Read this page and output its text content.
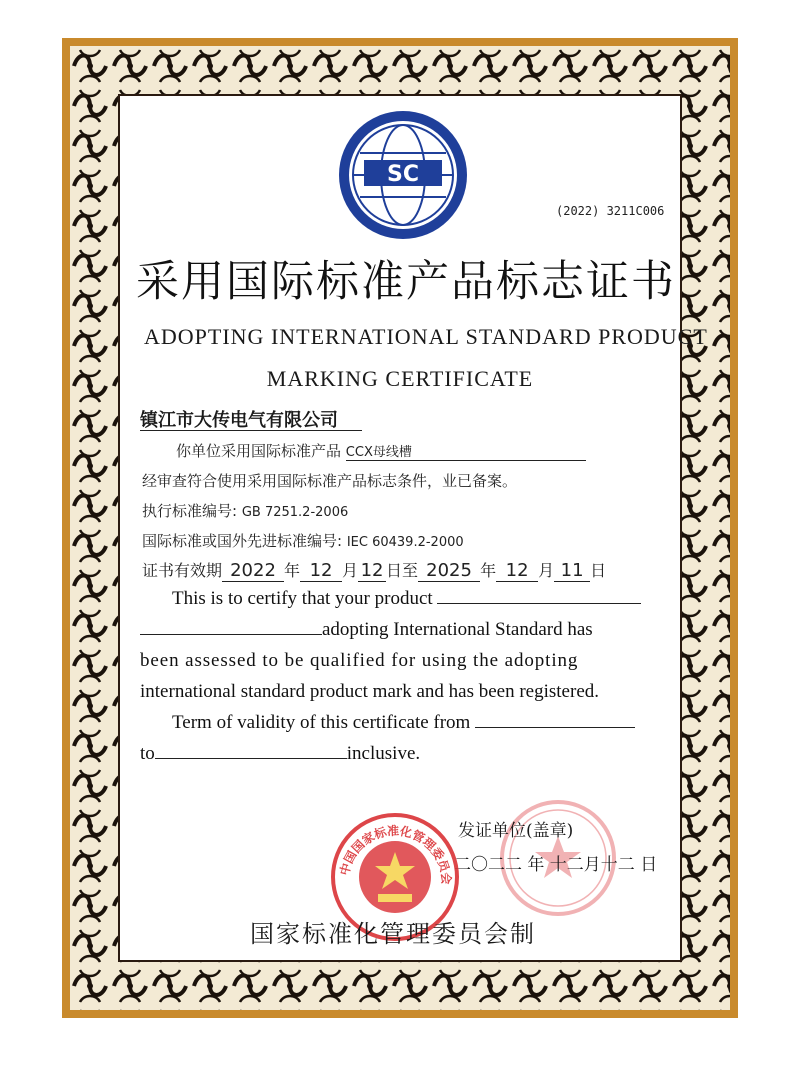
SC
(2022) 3211C006
采用国际标准产品标志证书
ADOPTING INTERNATIONAL STANDARD PRODUCT
MARKING CERTIFICATE
镇江市大传电气有限公司
你单位采用国际标准产品 CCX母线槽
经审查符合使用采用国际标准产品标志条件，业已备案。
执行标准编号: GB 7251.2-2006
国际标准或国外先进标准编号: IEC 60439.2-2000
证书有效期 2022 年 12 月 12 日至 2025 年 12 月 11 日
This is to certify that your product
adopting International Standard has
been assessed to be qualified for using the adopting
international standard product mark and has been registered.
Term of validity of this certificate from
to	inclusive.
发证单位(盖章)
二〇二二 年 十二月十二 日
中国国家标准化管理委员会
国家标准化管理委员会制
